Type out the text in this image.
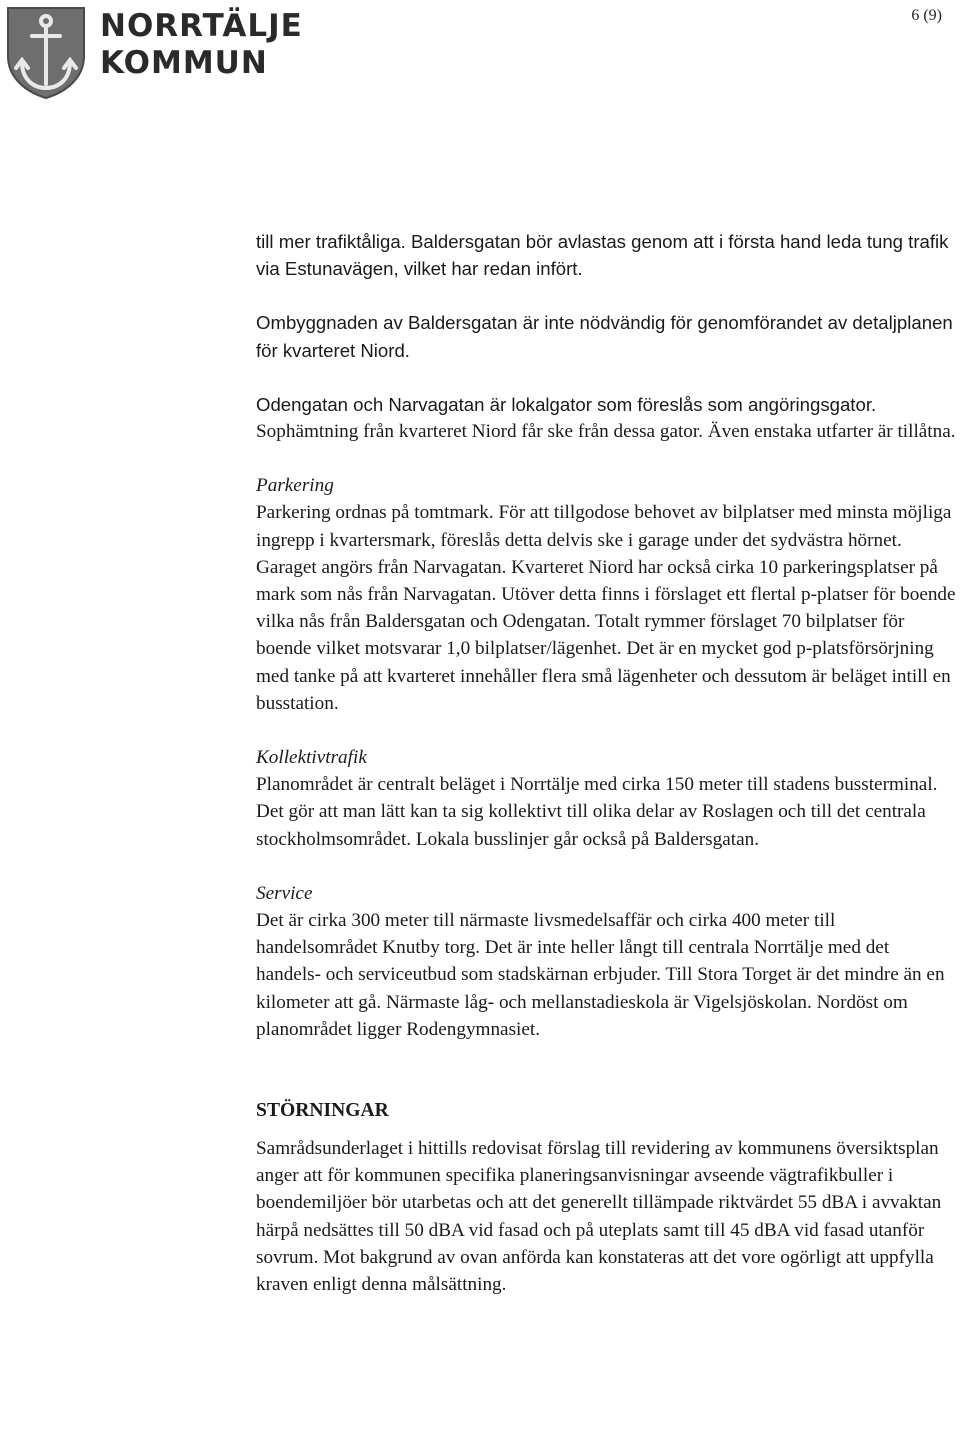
NORRTÄLJE
KOMMUN
6 (9)

till mer trafiktåliga. Baldersgatan bör avlastas genom att i första hand leda tung trafik via Estunavägen, vilket har redan infört.

Ombyggnaden av Baldersgatan är inte nödvändig för genomförandet av detaljplanen för kvarteret Niord.

Odengatan och Narvagatan är lokalgator som föreslås som angöringsgator.

Sophämtning från kvarteret Niord får ske från dessa gator. Även enstaka utfarter är tillåtna.

Parkering

Parkering ordnas på tomtmark. För att tillgodose behovet av bilplatser med minsta möjliga ingrepp i kvartersmark, föreslås detta delvis ske i garage under det sydvästra hörnet. Garaget angörs från Narvagatan. Kvarteret Niord har också cirka 10 parkeringsplatser på mark som nås från Narvagatan. Utöver detta finns i förslaget ett flertal p-platser för boende vilka nås från Baldersgatan och Odengatan. Totalt rymmer förslaget 70 bilplatser för boende vilket motsvarar 1,0 bilplatser/lägenhet. Det är en mycket god p-platsförsörjning med tanke på att kvarteret innehåller flera små lägenheter och dessutom är beläget intill en busstation.

Kollektivtrafik

Planområdet är centralt beläget i Norrtälje med cirka 150 meter till stadens bussterminal. Det gör att man lätt kan ta sig kollektivt till olika delar av Roslagen och till det centrala stockholmsområdet. Lokala busslinjer går också på Baldersgatan.

Service

Det är cirka 300 meter till närmaste livsmedelsaffär och cirka 400 meter till handelsområdet Knutby torg. Det är inte heller långt till centrala Norrtälje med det handels- och serviceutbud som stadskärnan erbjuder. Till Stora Torget är det mindre än en kilometer att gå. Närmaste låg- och mellanstadieskola är Vigelsjöskolan. Nordöst om planområdet ligger Rodengymnasiet.

STÖRNINGAR

Samrådsunderlaget i hittills redovisat förslag till revidering av kommunens översiktsplan anger att för kommunen specifika planeringsanvisningar avseende vägtrafikbuller i boendemiljöer bör utarbetas och att det generellt tillämpade riktvärdet 55 dBA i avvaktan härpå nedsättes till 50 dBA vid fasad och på uteplats samt till 45 dBA vid fasad utanför sovrum. Mot bakgrund av ovan anförda kan konstateras att det vore ogörligt att uppfylla kraven enligt denna målsättning.
